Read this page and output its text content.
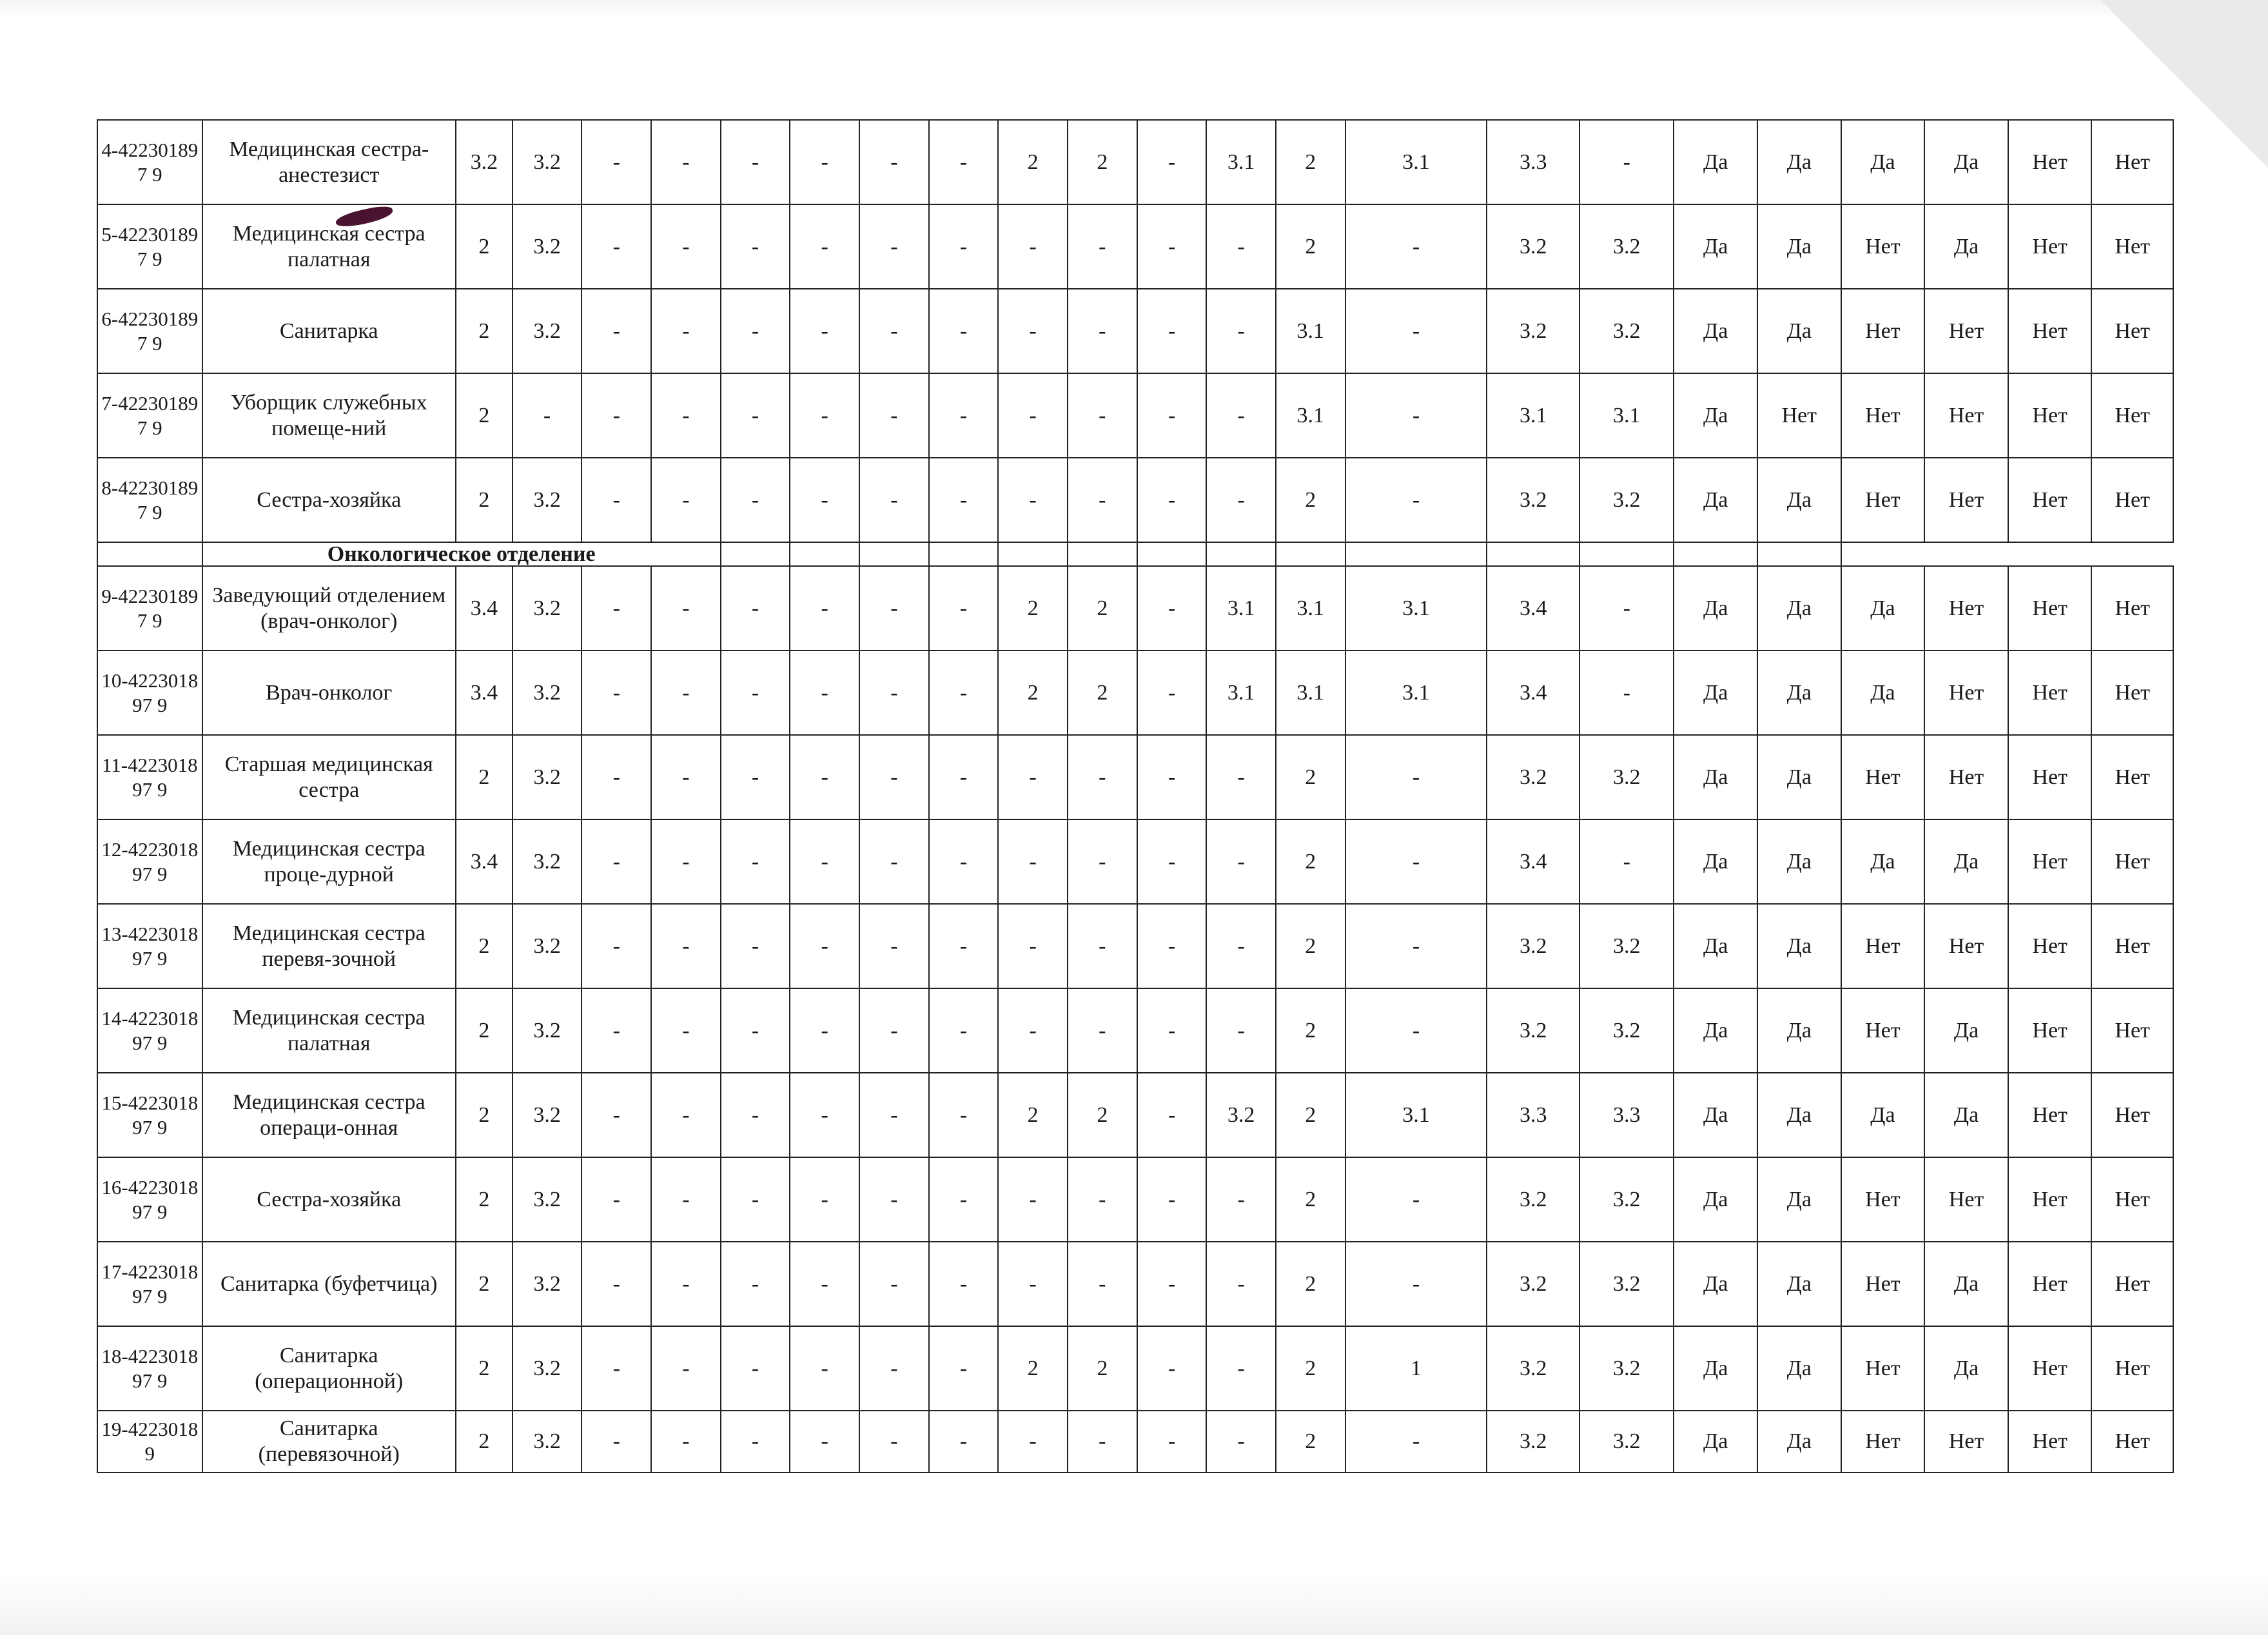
4-422301897 9	Медицинская сестра-анестезист	3.2	3.2	-	-	-	-	-	-	2	2	-	3.1	2	3.1	3.3	-	Да	Да	Да	Да	Нет	Нет
5-422301897 9	Медицинская сестра палатная	2	3.2	-	-	-	-	-	-	-	-	-	-	2	-	3.2	3.2	Да	Да	Нет	Да	Нет	Нет
6-422301897 9	Санитарка	2	3.2	-	-	-	-	-	-	-	-	-	-	3.1	-	3.2	3.2	Да	Да	Нет	Нет	Нет	Нет
7-422301897 9	Уборщик служебных помеще-ний	2	-	-	-	-	-	-	-	-	-	-	-	3.1	-	3.1	3.1	Да	Нет	Нет	Нет	Нет	Нет
8-422301897 9	Сестра-хозяйка	2	3.2	-	-	-	-	-	-	-	-	-	-	2	-	3.2	3.2	Да	Да	Нет	Нет	Нет	Нет
	Онкологическое отделение																						
9-422301897 9	Заведующий отделением (врач-онколог)	3.4	3.2	-	-	-	-	-	-	2	2	-	3.1	3.1	3.1	3.4	-	Да	Да	Да	Нет	Нет	Нет
10-422301897 9	Врач-онколог	3.4	3.2	-	-	-	-	-	-	2	2	-	3.1	3.1	3.1	3.4	-	Да	Да	Да	Нет	Нет	Нет
11-422301897 9	Старшая медицинская сестра	2	3.2	-	-	-	-	-	-	-	-	-	-	2	-	3.2	3.2	Да	Да	Нет	Нет	Нет	Нет
12-422301897 9	Медицинская сестра проце-дурной	3.4	3.2	-	-	-	-	-	-	-	-	-	-	2	-	3.4	-	Да	Да	Да	Да	Нет	Нет
13-422301897 9	Медицинская сестра перевя-зочной	2	3.2	-	-	-	-	-	-	-	-	-	-	2	-	3.2	3.2	Да	Да	Нет	Нет	Нет	Нет
14-422301897 9	Медицинская сестра палатная	2	3.2	-	-	-	-	-	-	-	-	-	-	2	-	3.2	3.2	Да	Да	Нет	Да	Нет	Нет
15-422301897 9	Медицинская сестра операци-онная	2	3.2	-	-	-	-	-	-	2	2	-	3.2	2	3.1	3.3	3.3	Да	Да	Да	Да	Нет	Нет
16-422301897 9	Сестра-хозяйка	2	3.2	-	-	-	-	-	-	-	-	-	-	2	-	3.2	3.2	Да	Да	Нет	Нет	Нет	Нет
17-422301897 9	Санитарка (буфетчица)	2	3.2	-	-	-	-	-	-	-	-	-	-	2	-	3.2	3.2	Да	Да	Нет	Да	Нет	Нет
18-422301897 9	Санитарка (операционной)	2	3.2	-	-	-	-	-	-	2	2	-	-	2	1	3.2	3.2	Да	Да	Нет	Да	Нет	Нет
19-42230189	Санитарка (перевязочной)	2	3.2	-	-	-	-	-	-	-	-	-	-	2	-	3.2	3.2	Да	Да	Нет	Нет	Нет	Нет
